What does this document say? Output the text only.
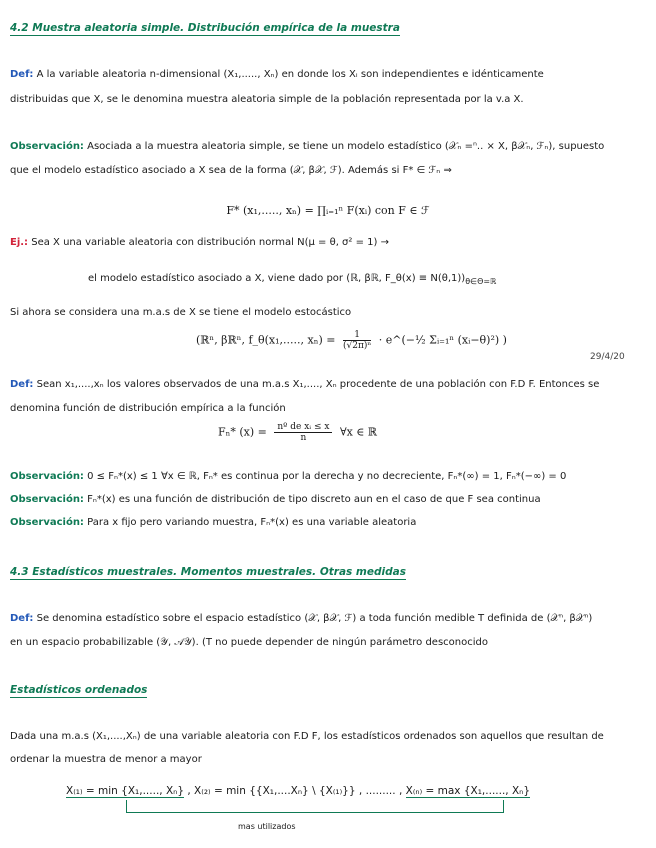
4.2 Muestra aleatoria simple. Distribución empírica de la muestra
Def: A la variable aleatoria n-dimensional (X₁,....., Xₙ) en donde los Xᵢ son independientes e idénticamente
distribuidas que X, se le denomina muestra aleatoria simple de la población representada por la v.a X.
Observación: Asociada a la muestra aleatoria simple, se tiene un modelo estadístico (𝒳ₙ =ⁿ.. × X, β𝒳ₙ, ℱₙ), supuesto
que el modelo estadístico asociado a X sea de la forma (𝒳, β𝒳, ℱ). Además si F* ∈ ℱₙ ⇒
F* (x₁,....., xₙ) = ∏ᵢ₌₁ⁿ F(xᵢ) con F ∈ ℱ
Ej.: Sea X una variable aleatoria con distribución normal N(μ = θ, σ² = 1) →
el modelo estadístico asociado a X, viene dado por (ℝ, βℝ, F_θ(x) ≡ $N(\theta,1))_{\theta\in\Theta=ℝ}$
Si ahora se considera una m.a.s de X se tiene el modelo estocástico
(ℝⁿ, βℝⁿ, f_θ(x₁,....., $x_n) = \frac{1}{\text{(√2π)ⁿ}}$ · e^(−½ Σᵢ₌₁ⁿ (xᵢ−θ)²) )
29/4/20
Def: Sean x₁,....,xₙ los valores observados de una m.a.s X₁,...., Xₙ procedente de una población con F.D F. Entonces se
denomina función de distribución empírica a la función
Fₙ* $(x) = \frac{\text{nº de xᵢ ≤ x}}{n}$ ∀x ∈ ℝ
Observación: 0 ≤ Fₙ*(x) ≤ 1 ∀x ∈ ℝ, Fₙ* es continua por la derecha y no decreciente, Fₙ*(∞) = 1, Fₙ*(−∞) = 0
Observación: Fₙ*(x) es una función de distribución de tipo discreto aun en el caso de que F sea continua
Observación: Para x fijo pero variando muestra, Fₙ*(x) es una variable aleatoria
4.3 Estadísticos muestrales. Momentos muestrales. Otras medidas
Def: Se denomina estadístico sobre el espacio estadístico (𝒳, β𝒳, ℱ) a toda función medible T definida de (𝒳ⁿ, β𝒳ⁿ)
en un espacio probabilizable (𝒴, 𝒜𝒴). (T no puede depender de ningún parámetro desconocido
Estadísticos ordenados
Dada una m.a.s (X₁,....,Xₙ) de una variable aleatoria con F.D F, los estadísticos ordenados son aquellos que resultan de
ordenar la muestra de menor a mayor
X₍₁₎ = min {X₁,....., Xₙ} , X₍₂₎ = min {{X₁,....Xₙ} \ {X₍₁₎}} , ......... , X₍ₙ₎ = max {X₁,......, Xₙ}
mas utilizados
